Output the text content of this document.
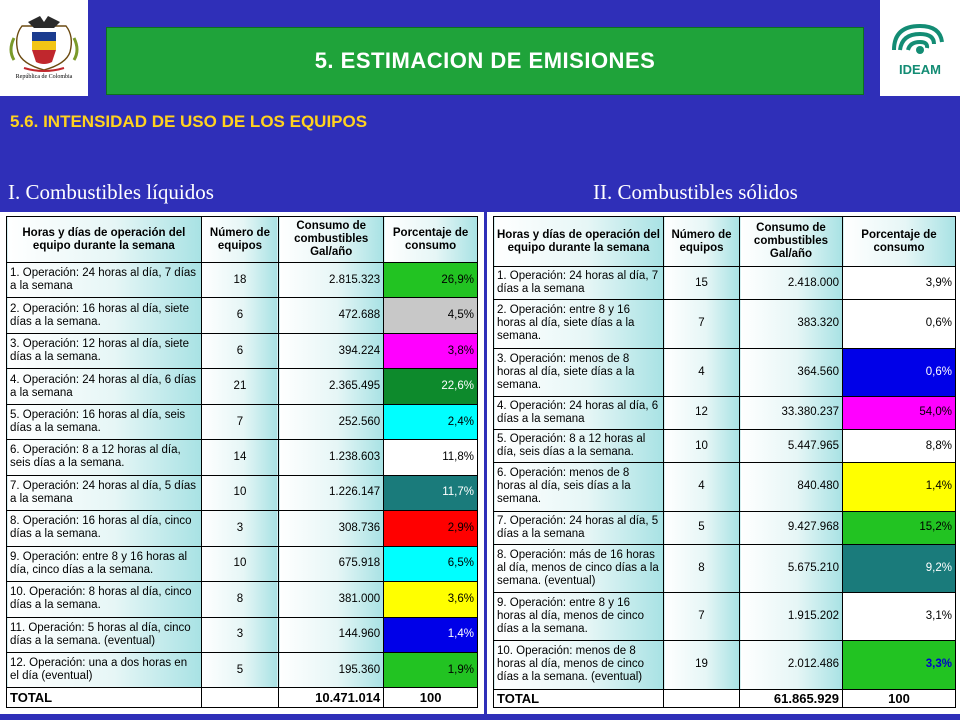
República de Colombia	IDEAM
5. ESTIMACION DE EMISIONES
5.6. INTENSIDAD DE USO DE LOS EQUIPOS
I. Combustibles líquidos	II. Combustibles sólidos
Horas y días de operación del equipo durante la semana	Número de equipos	Consumo de combustibles Gal/año	Porcentaje de consumo
1. Operación: 24 horas al día, 7 días a la semana	18	2.815.323	26,9%
2. Operación: 16 horas al día, siete días a la semana.	6	472.688	4,5%
3. Operación: 12 horas al día, siete días a la semana.	6	394.224	3,8%
4. Operación: 24 horas al día, 6 días a la semana	21	2.365.495	22,6%
5. Operación: 16 horas al día, seis días a la semana.	7	252.560	2,4%
6. Operación: 8 a 12 horas al día, seis días a la semana.	14	1.238.603	11,8%
7. Operación: 24 horas al día, 5 días a la semana	10	1.226.147	11,7%
8. Operación: 16 horas al día, cinco días a la semana.	3	308.736	2,9%
9. Operación: entre 8 y 16 horas al día, cinco días a la semana.	10	675.918	6,5%
10. Operación: 8 horas al día, cinco días a la semana.	8	381.000	3,6%
11. Operación: 5 horas al día, cinco días a la semana. (eventual)	3	144.960	1,4%
12. Operación: una a dos horas en el día (eventual)	5	195.360	1,9%
TOTAL		10.471.014	100
Horas y días de operación del equipo durante la semana	Número de equipos	Consumo de combustibles Gal/año	Porcentaje de consumo
1. Operación: 24 horas al día, 7 días a la semana	15	2.418.000	3,9%
2. Operación: entre 8 y 16 horas al día, siete días a la semana.	7	383.320	0,6%
3. Operación: menos de 8 horas al día, siete días a la semana.	4	364.560	0,6%
4. Operación: 24 horas al día, 6 días a la semana	12	33.380.237	54,0%
5. Operación: 8 a 12 horas al día, seis días a la semana.	10	5.447.965	8,8%
6. Operación: menos de 8 horas al día, seis días a la semana.	4	840.480	1,4%
7. Operación: 24 horas al día, 5 días a la semana	5	9.427.968	15,2%
8. Operación: más de 16 horas al día, menos de cinco días a la semana. (eventual)	8	5.675.210	9,2%
9. Operación: entre 8 y 16 horas al día, menos de cinco días a la semana.	7	1.915.202	3,1%
10. Operación: menos de 8 horas al día, menos de cinco días a la semana. (eventual)	19	2.012.486	3,3%
TOTAL		61.865.929	100
